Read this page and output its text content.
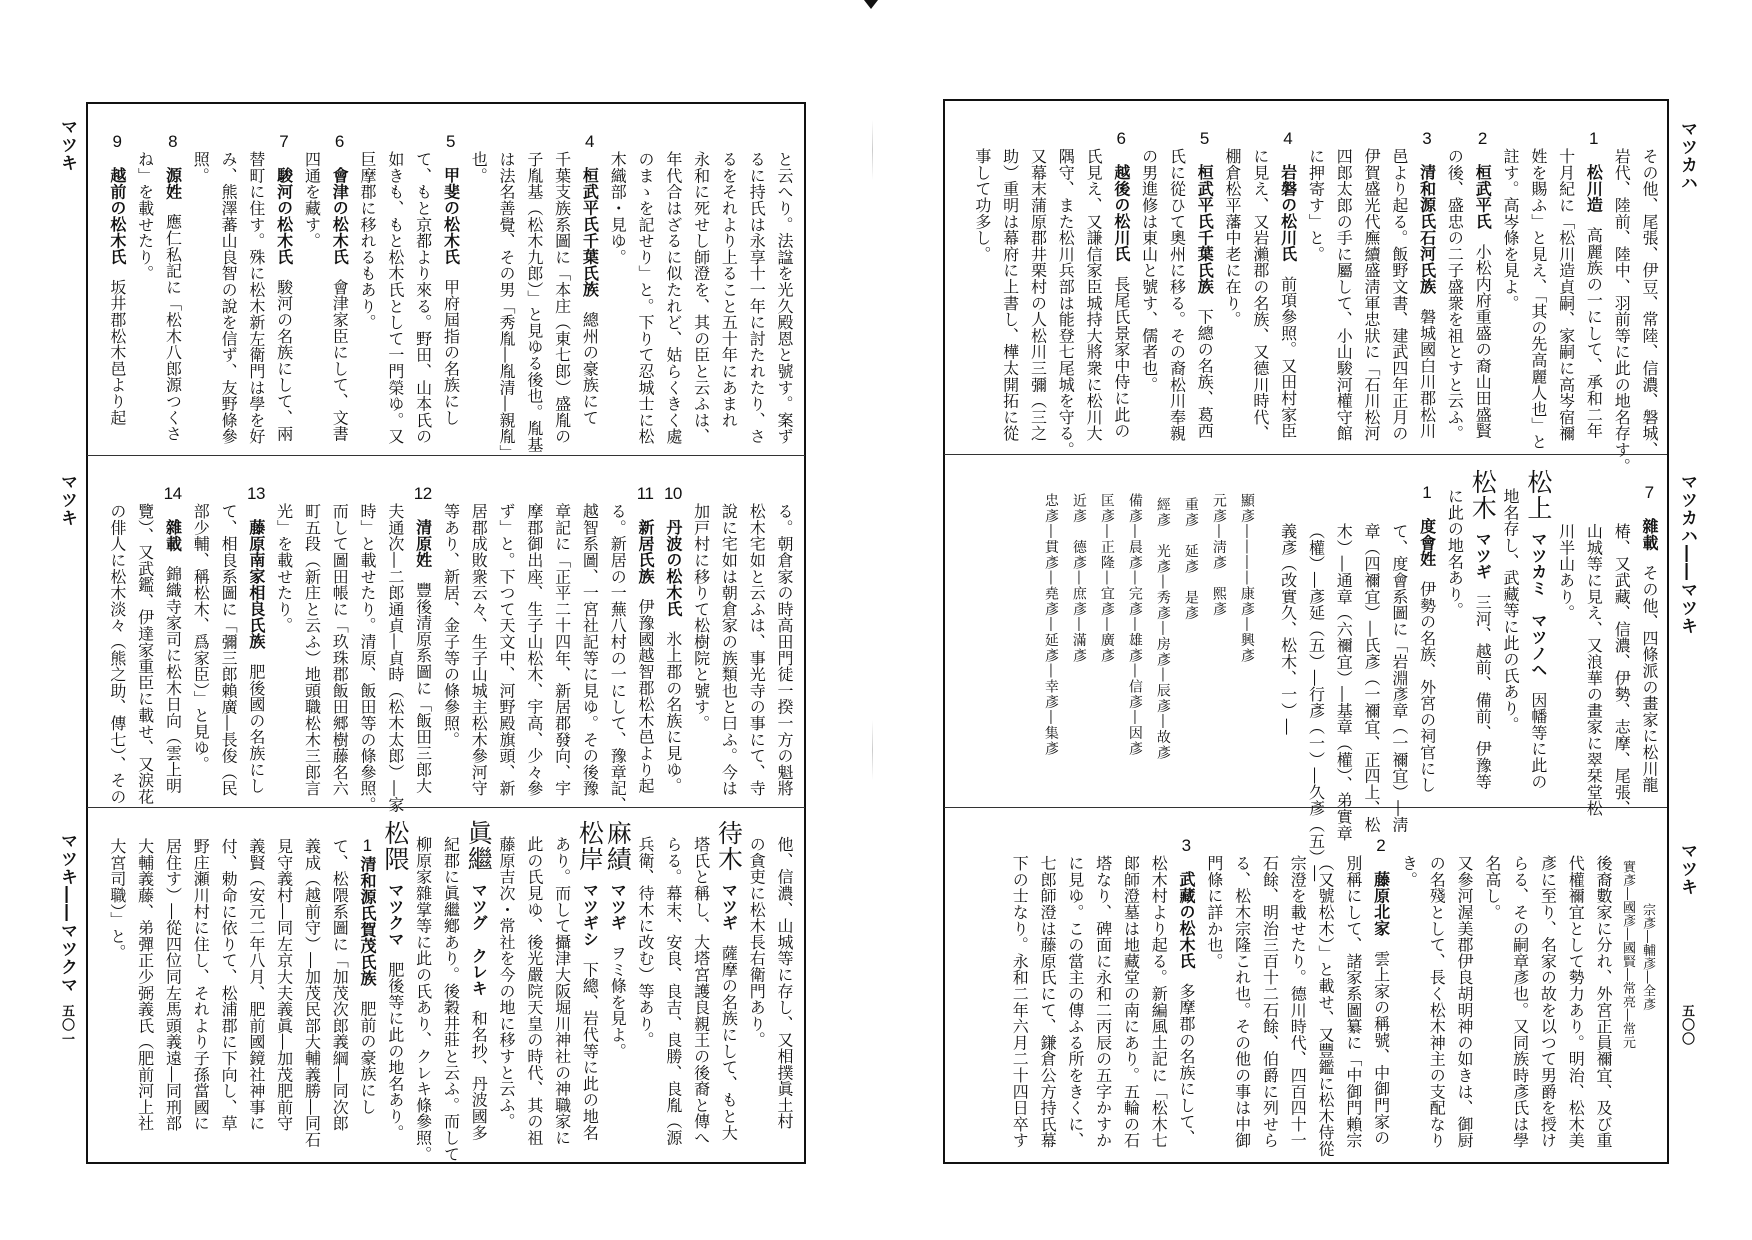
マツキ
マツキ
マツキ――マツクマ
五〇一
と云へり。法諡を光久殿恩と號す。案ず
るに持氏は永享十一年に討たれたり、さ
るをそれより上ること五十年にあまれ
永和に死せし師澄を、其の臣と云ふは、
年代合はざるに似たれど、姑らくきく處
のまゝを記せり」と。下りて忍城士に松
木織部・見ゆ。
4
桓武平氏千葉氏族總州の豪族にて
千葉支族系圖に「本庄（東七郎）盛胤の
子胤基（松木九郎）」と見ゆる後也。胤基
は法名善覺、その男「秀胤―胤清―親胤」
也。
5
甲斐の松木氏甲府屆指の名族にし
て、もと京都より來る。野田、山本氏の
如きも、もと松木氏として一門榮ゆ。又
巨摩郡に移れるもあり。
6
會津の松木氏會津家臣にして、文書
四通を藏す。
7
駿河の松木氏駿河の名族にして、兩
替町に住す。殊に松木新左衛門は學を好
み、熊澤蕃山良智の說を信ず、友野條參
照。
8
源姓應仁私記に「松木八郎源つくさ
ね」を載せたり。
9
越前の松木氏坂井郡松木邑より起
る。朝倉家の時高田門徒一揆一方の魁將
松木宅如と云ふは、事光寺の事にて、寺
說に宅如は朝倉家の族類也と曰ふ。今は
加戸村に移りて松樹院と號す。
10
丹波の松木氏氷上郡の名族に見ゆ。
11
新居氏族伊豫國越智郡松木邑より起
る。新居の一蕪八村の一にして、豫章記、
越智系圖、一宮社記等に見ゆ。その後豫
章記に「正平二十四年、新居郡發向、宇
摩郡御出座、生子山松木、宇高、少々參
ず」と。下つて天文中、河野殿旗頭、新
居郡成敗衆云々、生子山城主松木參河守
等あり、新居、金子等の條參照。
12
清原姓豐後清原系圖に「飯田三郎大
夫通次―二郎通貞―貞時（松木太郎）―家
時」と載せたり。清原、飯田等の條參照。
而して圖田帳に「玖珠郡飯田郷樹藤名六
町五段（新庄と云ふ）地頭職松木三郎言
光」を載せたり。
13
藤原南家相良氏族肥後國の名族にし
て、相良系圖に「彌三郎賴廣―長俊（民
部少輔、稱松木、爲家臣）」と見ゆ。
14
雜載錦織寺家司に松木日向（雲上明
覽）、又武鑑、伊達家重臣に載せ、又涙花
の俳人に松木淡々（熊之助、傳七）、その
他、信濃、山城等に存し、又相撲眞土村
の貪吏に松木長右衛門あり。
待木マツギ薩摩の名族にして、もと大
塔氏と稱し、大塔宮護良親王の後裔と傳へ
らる。幕末、安良、良吉、良勝、良胤（源
兵衛、待木に改む）等あり。
麻績マツギヲミ條を見よ。
松岸マツギシ下總、岩代等に此の地名
あり。而して攝津大阪堀川神社の神職家に
此の氏見ゆ、後光嚴院天皇の時代、其の祖
藤原吉次・常社を今の地に移すと云ふ。
眞繼マツグ　クレキ和名抄、丹波國多
紀郡に眞繼鄕あり。後穀井莊と云ふ。而して
柳原家雜掌等に此の氏あり、クレキ條參照。
松隈マツクマ肥後等に此の地名あり。
1
清和源氏賀茂氏族肥前の豪族にし
て、松隈系圖に「加茂次郎義綱―同次郎
義成（越前守）―加茂民部大輔義勝―同石
見守義村―同左京大夫義眞―加茂肥前守
義賢（安元二年八月、肥前國鏡社神事に
付、勅命に依りて、松浦郡に下向し、草
野庄瀬川村に住し、それより子孫當國に
居住す）―從四位同左馬頭義遠―同刑部
大輔義藤、弟彈正少弼義氏（肥前河上社
大宮司職）」と。
その他、尾張、伊豆、常陸、信濃、磐城、
岩代、陸前、陸中、羽前等に此の地名存す。
1
松川造高麗族の一にして、承和二年
十月紀に「松川造貞嗣、家嗣に高岑宿禰
姓を賜ふ」と見え、「其の先高麗人也」と
註す。高岑條を見よ。
2
桓武平氏小松内府重盛の裔山田盛賢
の後、盛忠の二子盛衆を祖とすと云ふ。
3
清和源氏石河氏族磐城國白川郡松川
邑より起る。飯野文書、建武四年正月の
伊賀盛光代廡續盛淸軍忠狀に「石川松河
四郎太郎の手に屬して、小山駿河權守館
に押寄す」と。
4
岩磐の松川氏前項參照。又田村家臣
に見え、又岩瀨郡の名族、又德川時代、
棚倉松平藩中老に在り。
5
桓武平氏千葉氏族下總の名族、葛西
氏に從ひて奧州に移る。その裔松川奉親
の男進修は東山と號す、儒者也。
6
越後の松川氏長尾氏景家中侍に此の
氏見え、又謙信家臣城持大將衆に松川大
隅守、また松川兵部は能登七尾城を守る。
又幕末蒲原郡井栗村の人松川三彌（三之
助）重明は幕府に上書し、樺太開拓に從
事して功多し。
7
雜載その他、四條派の畫家に松川龍
椿、又武藏、信濃、伊勢、志摩、尾張、
山城等に見え、又浪華の畫家に翠栞堂松
川半山あり。
松上マツカミ　マツノヘ因幡等に此の
地名存し、武藏等に此の氏あり。
松木マツギ三河、越前、備前、伊豫等
に此の地名あり。
1
度會姓伊勢の名族、外宮の祠官にし
て、度會系圖に「岩淵彥章（一禰宜）―淸
章（四禰宜）―氏彥（一禰宜、正四上、松
木）―通章（六禰宜）―基章（權）、弟實章
（權）―彥延（五）―行彥（一）―久彥（五）―
義彥（改實久、松木、一）―
顯彥――――康彥―興彥
元彥―淸彥　熙彥
重彥　延彥　是彥
經彥　光彥―秀彥―房彥―辰彥―故彥
備彥―晨彥―完彥―雄彥―信彥―因彥
匡彥―正隆―宜彥―廣彥
近彥　德彥―庶彥―滿彥
忠彥―貫彥―堯彥―延彥―幸彥―集彥
宗彥―輔彥―全彥
實彥―國彥―國賢―常亮―常元
後裔數家に分れ、外宮正員禰宜、及び重
代權禰宜として勢力あり。明治、松木美
彥に至り、名家の故を以つて男爵を授け
らる、その嗣章彥也。又同族時彥氏は學
名高し。
又參河渥美郡伊良胡明神の如きは、御厨
の名殘として、長く松木神主の支配なり
き。
2
藤原北家雲上家の稱號、中御門家の
別稱にして、諸家系圖纂に「中御門賴宗
（又號松木）」と載せ、又豐鑑に松木侍從
宗澄を載せたり。德川時代、四百四十一
石餘、明治三百十二石餘、伯爵に列せら
る、松木宗隆これ也。その他の事は中御
門條に詳か也。
3
武藏の松木氏多摩郡の名族にして、
松木村より起る。新編風土記に「松木七
郞師澄墓は地藏堂の南にあり。五輪の石
塔なり、碑面に永和二丙辰の五字かすか
に見ゆ。この當主の傳ふる所をきくに、
七郎師澄は藤原氏にて、鎌倉公方持氏幕
下の士なり。永和二年六月二十四日卒す
マツカハ
マツカハ――マツキ
マツキ
五〇〇
